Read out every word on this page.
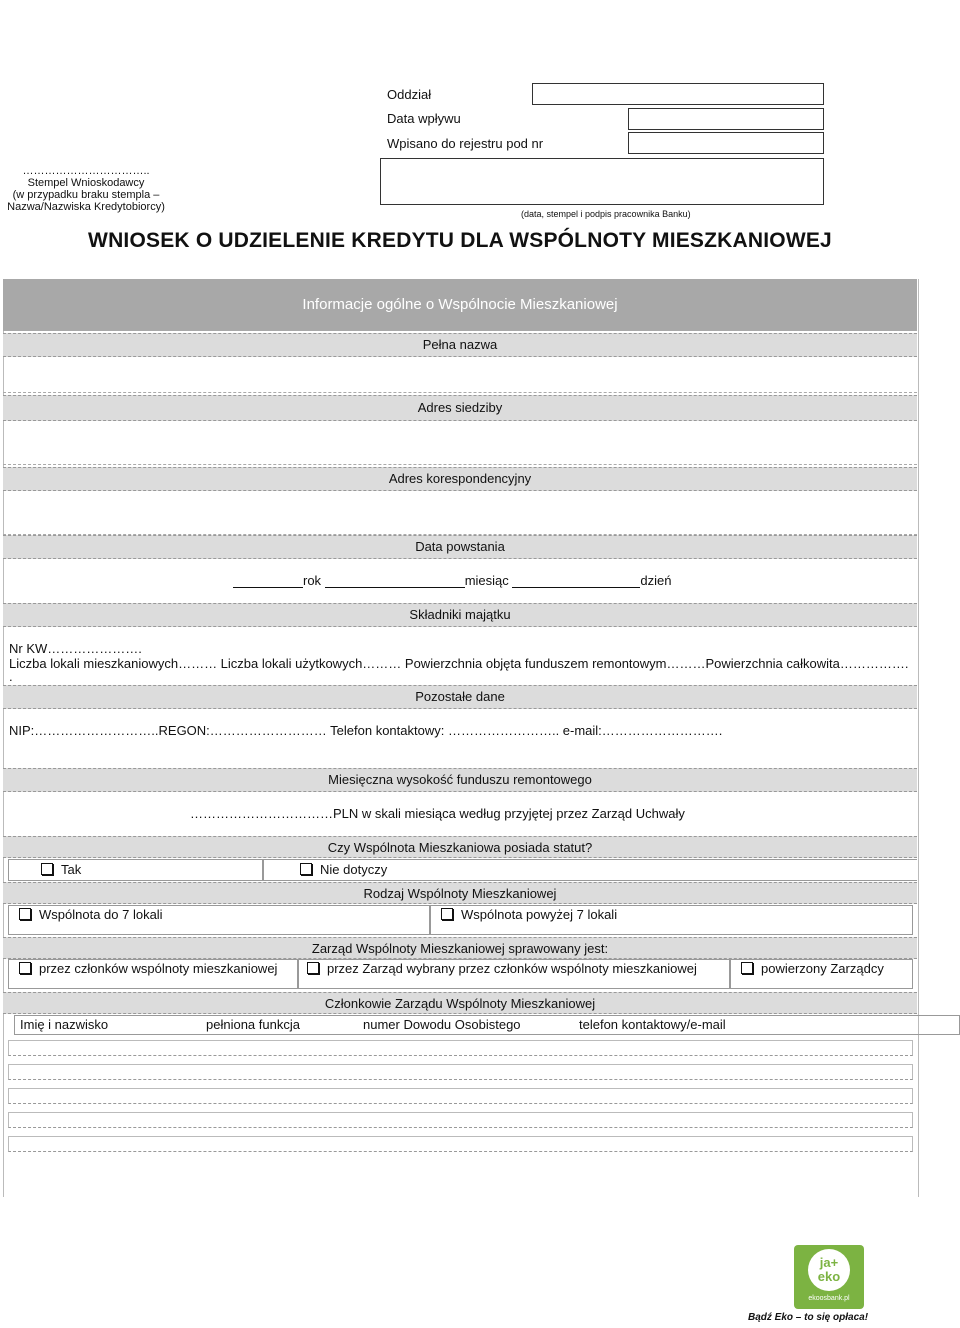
Oddział
Data wpływu
Wpisano do rejestru pod nr
(data, stempel i podpis pracownika Banku)
……………………………..
Stempel Wnioskodawcy
(w przypadku braku stempla –
Nazwa/Nazwiska Kredytobiorcy)
WNIOSEK O UDZIELENIE KREDYTU DLA WSPÓLNOTY MIESZKANIOWEJ
Informacje ogólne o Wspólnocie Mieszkaniowej
Pełna nazwa
Adres siedziby
Adres korespondencyjny
Data powstania
rok	miesiąc	dzień
Składniki majątku
Nr KW………………….
Liczba lokali mieszkaniowych……… Liczba lokali użytkowych……… Powierzchnia objęta funduszem remontowym………Powierzchnia całkowita…………….
.
Pozostałe dane
NIP:………………………..REGON:……………………… Telefon kontaktowy: …………………….. e-mail:……………………….
Miesięczna wysokość funduszu remontowego
……………………………PLN w skali miesiąca według przyjętej przez Zarząd Uchwały
Czy Wspólnota Mieszkaniowa posiada statut?
Tak	Nie dotyczy
Rodzaj Wspólnoty Mieszkaniowej
Wspólnota do 7 lokali	Wspólnota powyżej 7 lokali
Zarząd Wspólnoty Mieszkaniowej sprawowany jest:
przez członków wspólnoty mieszkaniowej	przez Zarząd wybrany przez członków wspólnoty mieszkaniowej	powierzony Zarządcy
Członkowie Zarządu Wspólnoty Mieszkaniowej
Imię i nazwisko	pełniona funkcja	numer Dowodu Osobistego	telefon kontaktowy/e-mail
ja+
eko
ekoosbank.pl
Bądź Eko – to się opłaca!
